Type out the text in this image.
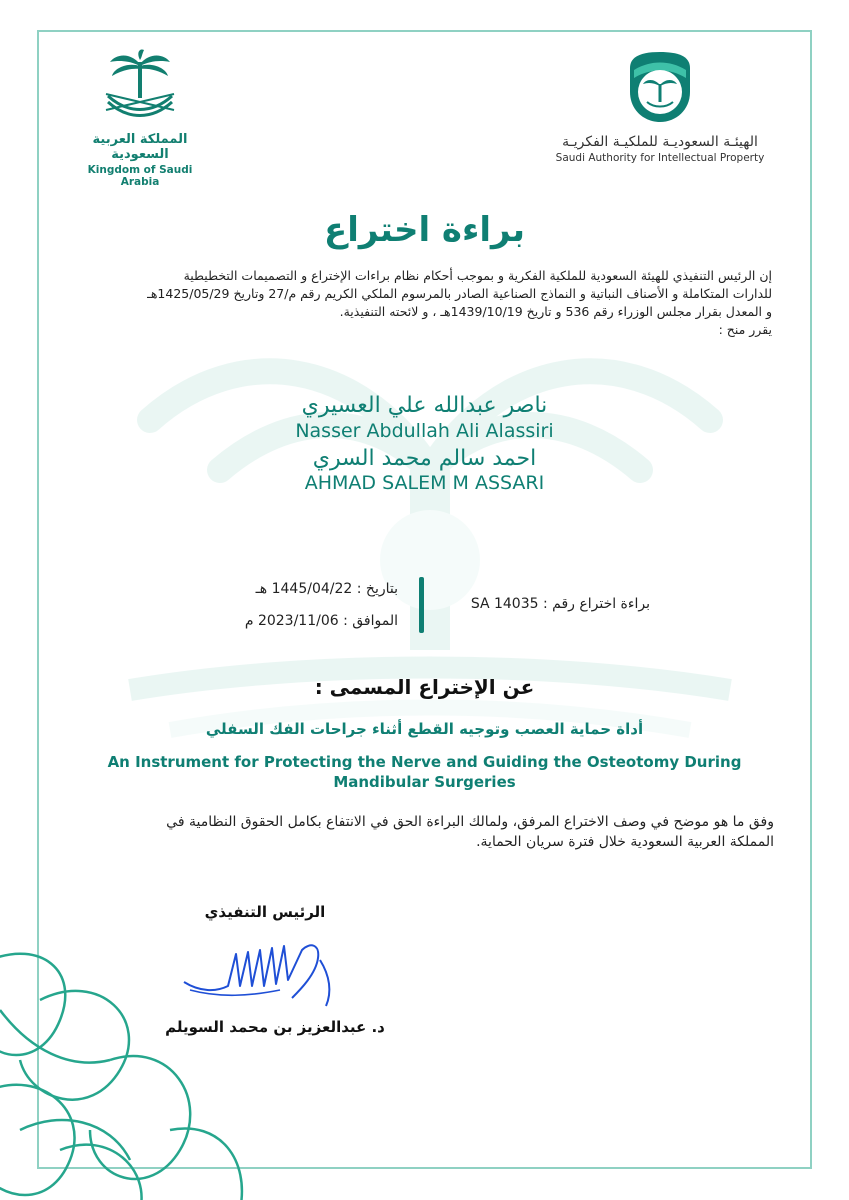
المملكة العربية السعودية
Kingdom of Saudi Arabia
الهيئـة السعوديـة للملكيـة الفكريـة
Saudi Authority for Intellectual Property
براءة اختراع
إن الرئيس التنفيذي للهيئة السعودية للملكية الفكرية و بموجب أحكام نظام براءات الإختراع و التصميمات التخطيطية
للدارات المتكاملة و الأصناف النباتية و النماذج الصناعية الصادر بالمرسوم الملكي الكريم رقم م/27 وتاريخ 1425/05/29هـ
و المعدل بقرار مجلس الوزراء رقم 536 و تاريخ 1439/10/19هـ ، و لائحته التنفيذية.
يقرر منح :
ناصر عبدالله علي العسيري
Nasser Abdullah Ali Alassiri
احمد سالم محمد السري
AHMAD SALEM M ASSARI
براءة اختراع رقم : SA 14035
بتاريخ : 1445/04/22 هـ
الموافق : 2023/11/06 م
عن الإختراع المسمى :
أداة حماية العصب وتوجيه القطع أثناء جراحات الفك السفلي
An Instrument for Protecting the Nerve and Guiding the Osteotomy During Mandibular Surgeries
وفق ما هو موضح في وصف الاختراع المرفق، ولمالك البراءة الحق في الانتفاع بكامل الحقوق النظامية في
المملكة العربية السعودية خلال فترة سريان الحماية.
الرئيس التنفيذي
د. عبدالعزيز بن محمد السويلم
